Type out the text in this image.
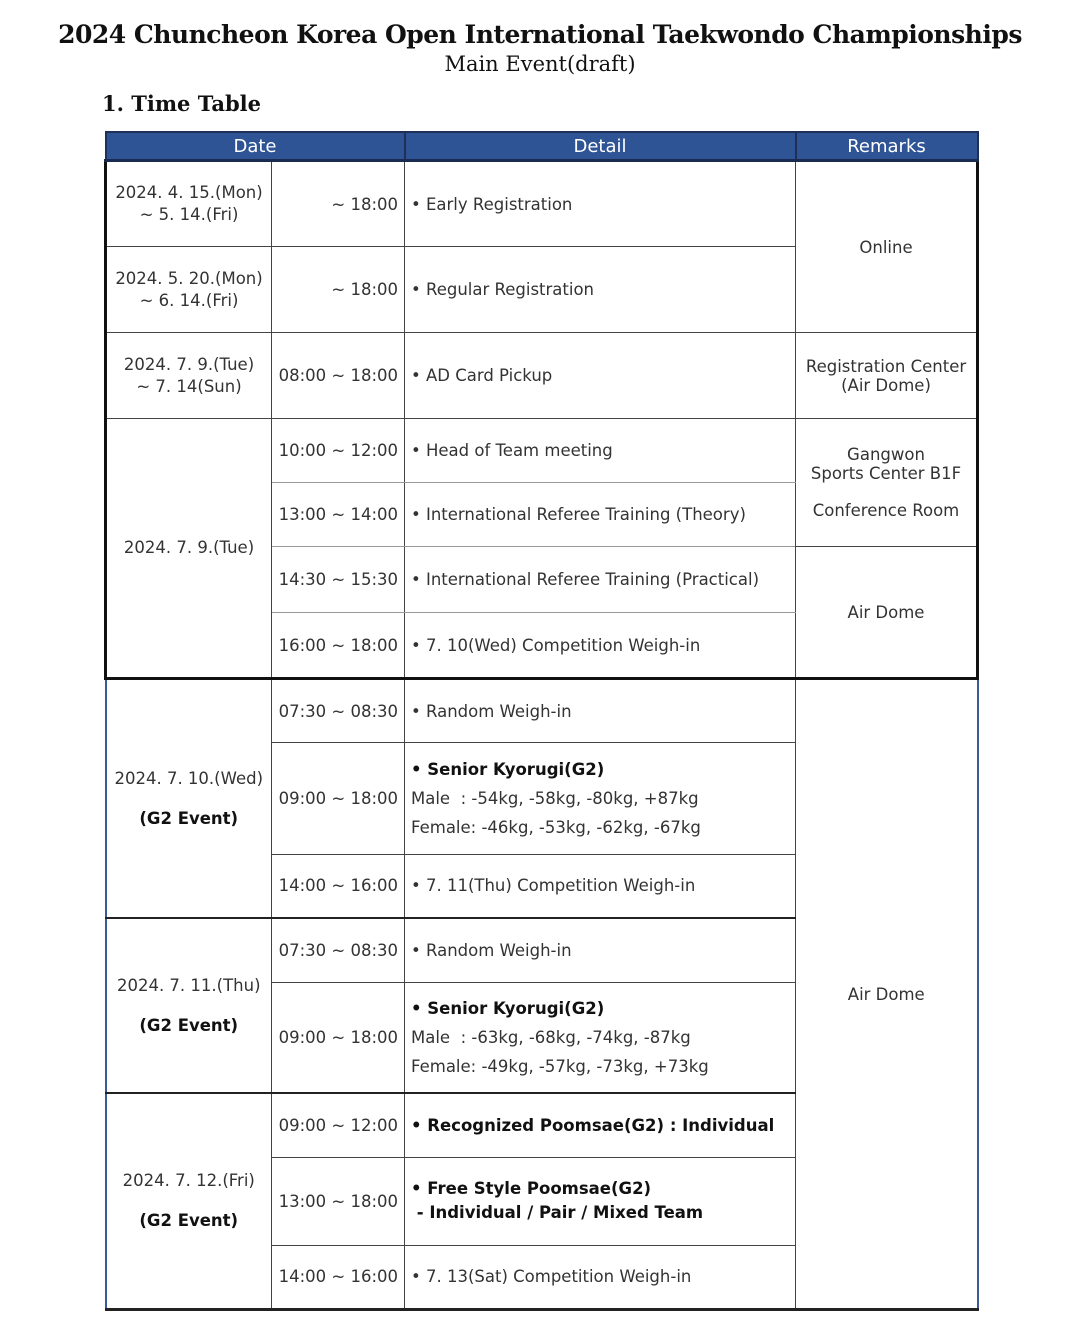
2024 Chuncheon Korea Open International Taekwondo Championships
Main Event(draft)
1. Time Table
Date		Detail	Remarks
2024. 4. 15.(Mon)
~ 5. 14.(Fri)	~ 18:00	• Early Registration	Online
2024. 5. 20.(Mon)
~ 6. 14.(Fri)	~ 18:00	• Regular Registration	
2024. 7. 9.(Tue)
~ 7. 14(Sun)	08:00 ~ 18:00	• AD Card Pickup	Registration Center
(Air Dome)
2024. 7. 9.(Tue)	10:00 ~ 12:00	• Head of Team meeting	Gangwon
Sports Center B1F
Conference Room
	13:00 ~ 14:00	• International Referee Training (Theory)	
	14:30 ~ 15:30	• International Referee Training (Practical)	Air Dome
	16:00 ~ 18:00	• 7. 10(Wed) Competition Weigh-in	
2024. 7. 10.(Wed)
(G2 Event)	07:30 ~ 08:30	• Random Weigh-in	Air Dome
	09:00 ~ 18:00	• Senior Kyorugi(G2)
Male  : -54kg, -58kg, -80kg, +87kg
Female: -46kg, -53kg, -62kg, -67kg	
	14:00 ~ 16:00	• 7. 11(Thu) Competition Weigh-in	
2024. 7. 11.(Thu)
(G2 Event)	07:30 ~ 08:30	• Random Weigh-in	
	09:00 ~ 18:00	• Senior Kyorugi(G2)
Male  : -63kg, -68kg, -74kg, -87kg
Female: -49kg, -57kg, -73kg, +73kg	
2024. 7. 12.(Fri)
(G2 Event)	09:00 ~ 12:00	• Recognized Poomsae(G2) : Individual	
	13:00 ~ 18:00	• Free Style Poomsae(G2)
- Individual / Pair / Mixed Team	
	14:00 ~ 16:00	• 7. 13(Sat) Competition Weigh-in	
